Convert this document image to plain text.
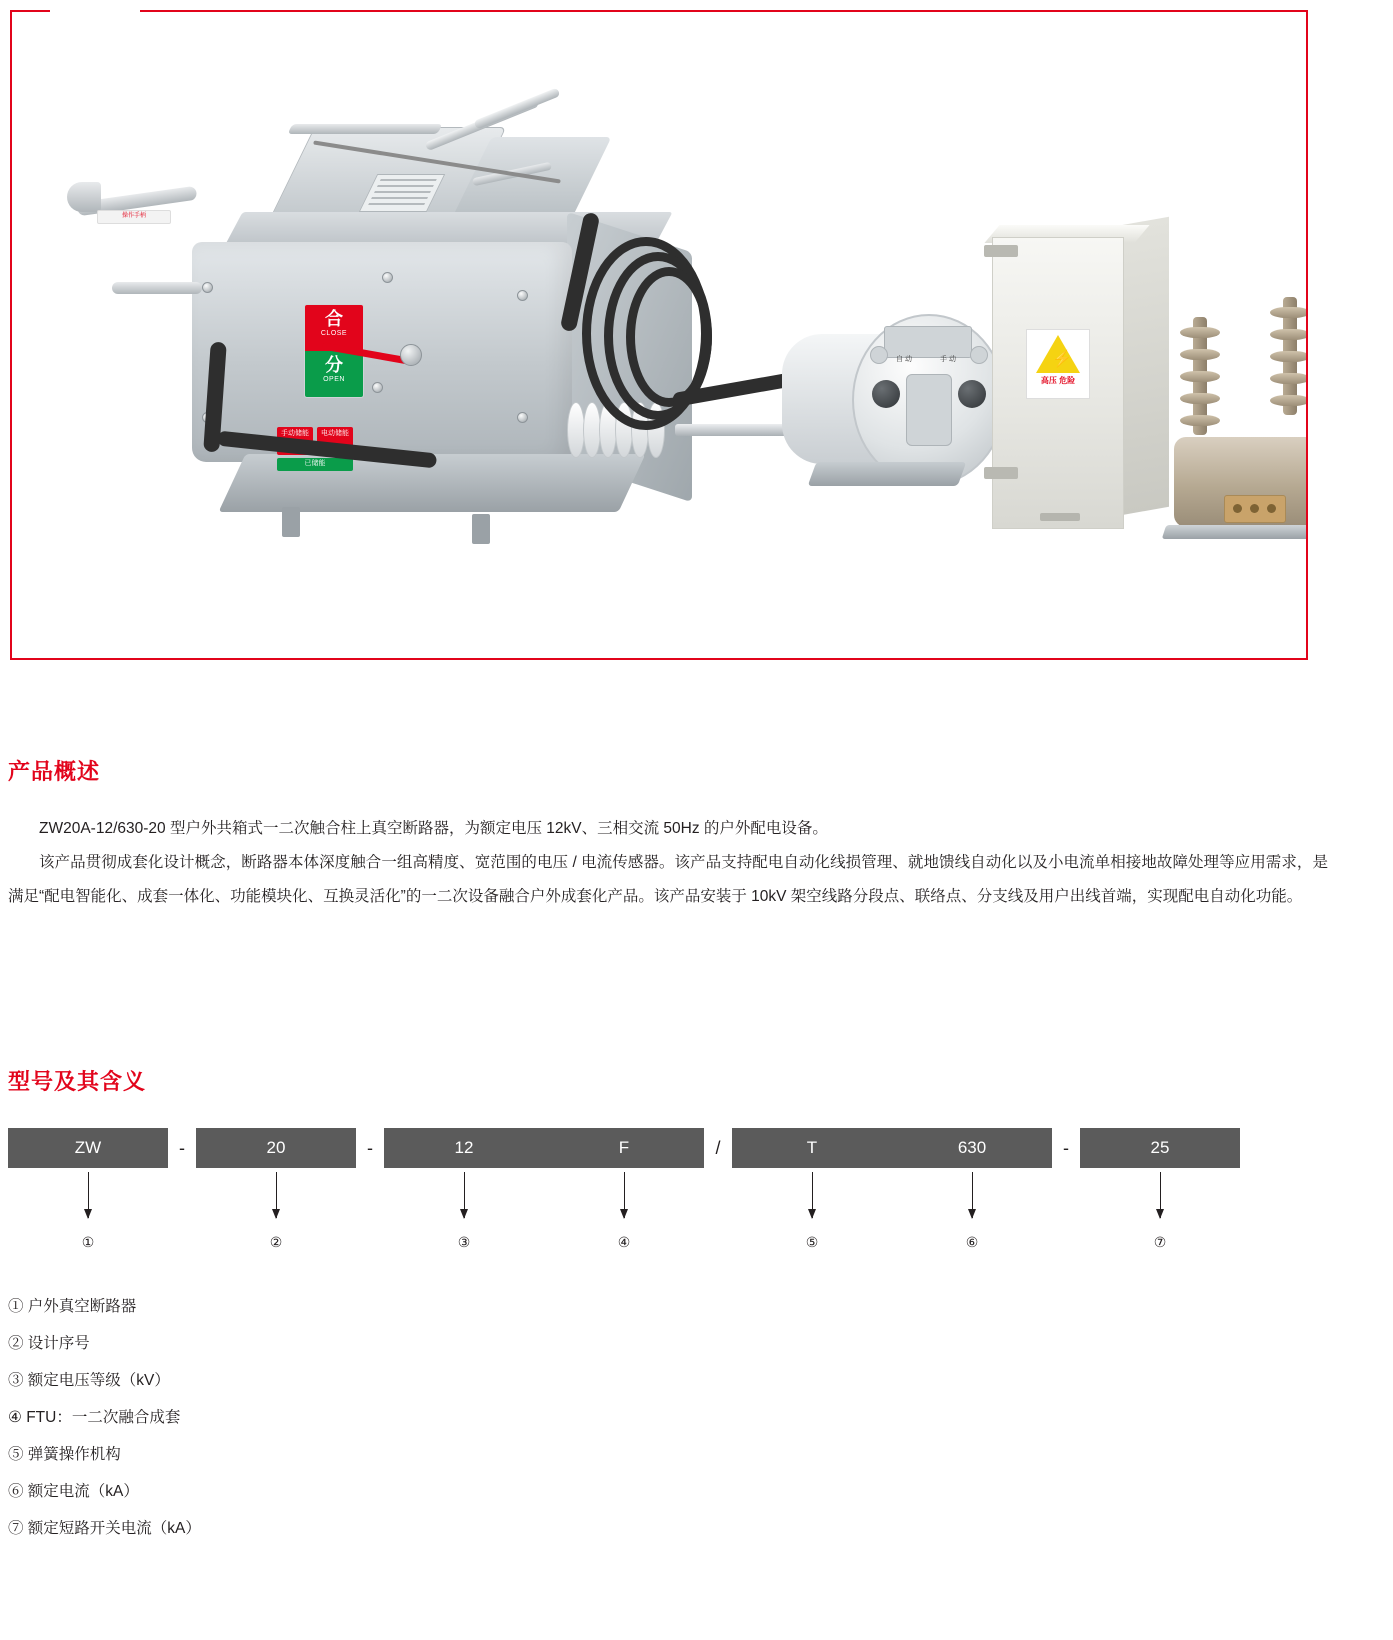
操作手柄
合
CLOSE
分
OPEN
手动储能	电动储能
已储能
自 动	手 动
⚡
高压 危险
产品概述

ZW20A-12/630-20 型户外共箱式一二次触合柱上真空断路器，为额定电压 12kV、三相交流 50Hz 的户外配电设备。

该产品贯彻成套化设计概念，断路器本体深度触合一组高精度、宽范围的电压 / 电流传感器。该产品支持配电自动化线损管理、就地馈线自动化以及小电流单相接地故障处理等应用需求，是满足“配电智能化、成套一体化、功能模块化、互换灵活化”的一二次设备融合户外成套化产品。该产品安装于 10kV 架空线路分段点、联络点、分支线及用户出线首端，实现配电自动化功能。

型号及其含义
ZW	-	20	-	12	F	/	T	630	-	25
①	②	③	④	⑤	⑥	⑦
① 户外真空断路器
② 设计序号
③ 额定电压等级（kV）
④ FTU：一二次融合成套
⑤ 弹簧操作机构
⑥ 额定电流（kA）
⑦ 额定短路开关电流（kA）
